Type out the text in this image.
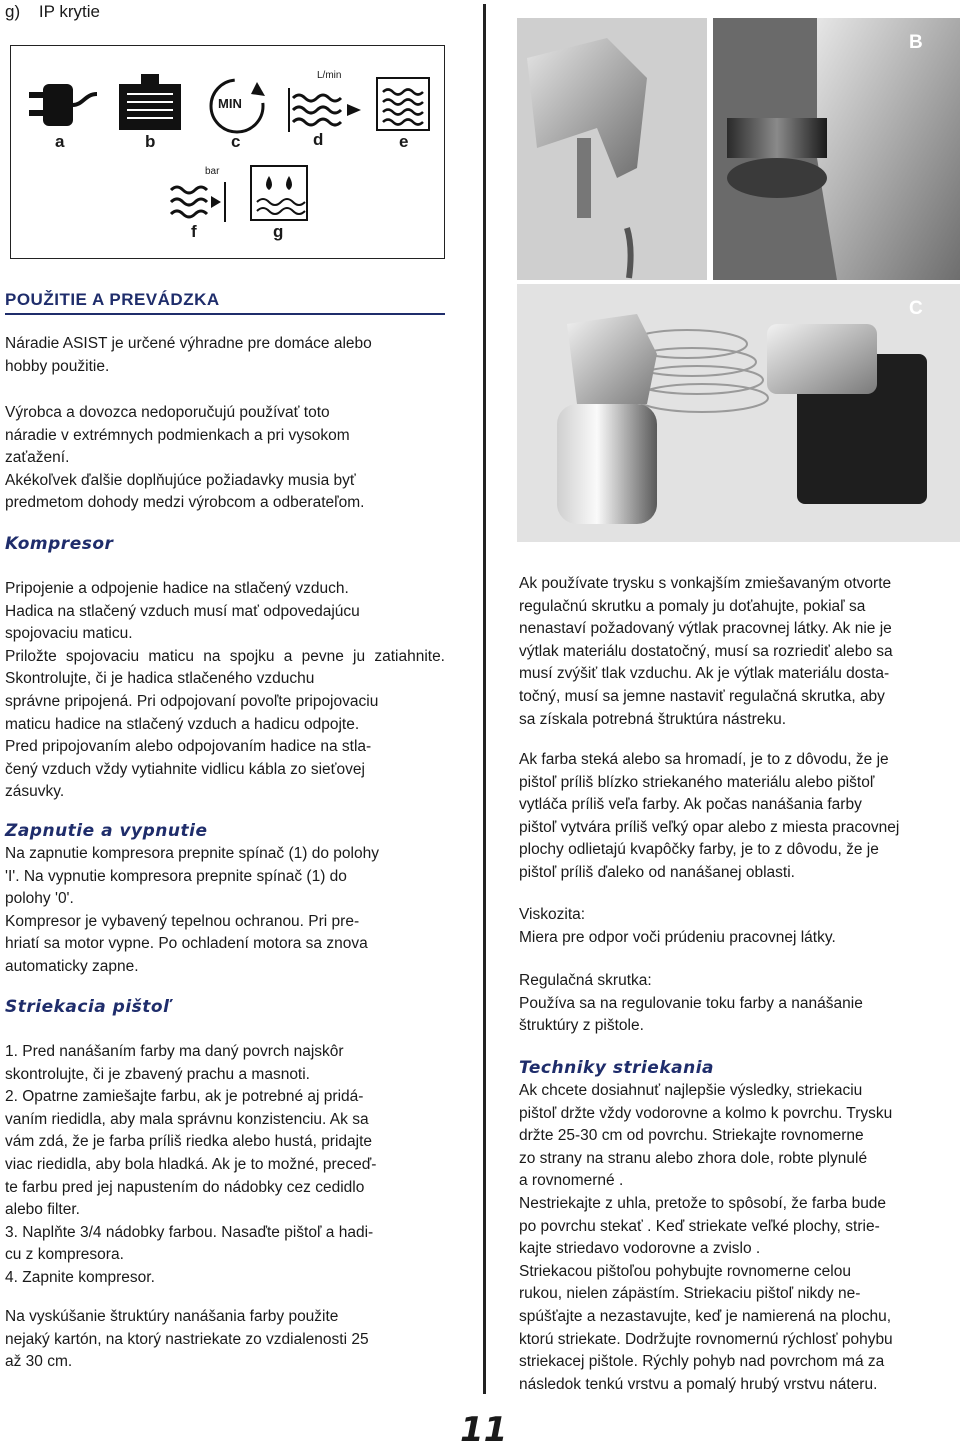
g) IP krytie
MIN
L/min
a	b	c	d	e
bar
f	g
POUŽITIE A PREVÁDZKA
Náradie ASIST je určené výhradne pre domáce alebo
hobby použitie.
Výrobca a dovozca nedoporučujú používať toto
náradie v extrémnych podmienkach a pri vysokom
zaťažení.
Akékoľvek ďalšie doplňujúce požiadavky musia byť
predmetom dohody medzi výrobcom a odberateľom.
Kompresor
Pripojenie a odpojenie hadice na stlačený vzduch.
Hadica na stlačený vzduch musí mať odpovedajúcu
spojovaciu maticu.
Priložte spojovaciu maticu na spojku a pevne ju zatiahnite. Skontrolujte, či je hadica stlačeného vzduchu
správne pripojená. Pri odpojovaní povoľte pripojovaciu
maticu hadice na stlačený vzduch a hadicu odpojte.
Pred pripojovaním alebo odpojovaním hadice na stla-
čený vzduch vždy vytiahnite vidlicu kábla zo sieťovej
zásuvky.
Zapnutie a vypnutie
Na zapnutie kompresora prepnite spínač (1) do polohy
'I'. Na vypnutie kompresora prepnite spínač (1) do
polohy '0'.
Kompresor je vybavený tepelnou ochranou. Pri pre-
hriatí sa motor vypne. Po ochladení motora sa znova
automaticky zapne.
Striekacia pištoľ
1. Pred nanášaním farby ma daný povrch najskôr
skontrolujte, či je zbavený prachu a masnoti.
2. Opatrne zamiešajte farbu, ak je potrebné aj pridá-
vaním riedidla, aby mala správnu konzistenciu. Ak sa
vám zdá, že je farba príliš riedka alebo hustá, pridajte
viac riedidla, aby bola hladká. Ak je to možné, preceď-
te farbu pred jej napustením do nádobky cez cedidlo
alebo filter.
3. Naplňte 3/4 nádobky farbou. Nasaďte pištoľ a hadi-
cu z kompresora.
4. Zapnite kompresor.
Na vyskúšanie štruktúry nanášania farby použite
nejaký kartón, na ktorý nastriekate zo vzdialenosti 25
až 30 cm.
B
C
Ak používate trysku s vonkajším zmiešavaným otvorte
regulačnú skrutku a pomaly ju doťahujte, pokiaľ sa
nenastaví požadovaný výtlak pracovnej látky. Ak nie je
výtlak materiálu dostatočný, musí sa rozriediť alebo sa
musí zvýšiť tlak vzduchu. Ak je výtlak materiálu dosta-
točný, musí sa jemne nastaviť regulačná skrutka, aby
sa získala potrebná štruktúra nástreku.
Ak farba steká alebo sa hromadí, je to z dôvodu, že je
pištoľ príliš blízko striekaného materiálu alebo pištoľ
vytláča príliš veľa farby. Ak počas nanášania farby
pištoľ vytvára príliš veľký opar alebo z miesta pracovnej
plochy odlietajú kvapôčky farby, je to z dôvodu, že je
pištoľ príliš ďaleko od nanášanej oblasti.
Viskozita:
Miera pre odpor voči prúdeniu pracovnej látky.
Regulačná skrutka:
Používa sa na regulovanie toku farby a nanášanie
štruktúry z pištole.
Techniky striekania
Ak chcete dosiahnuť najlepšie výsledky, striekaciu
pištoľ držte vždy vodorovne a kolmo k povrchu. Trysku
držte 25-30 cm od povrchu. Striekajte rovnomerne
zo strany na stranu alebo zhora dole, robte plynulé
a rovnomerné .
Nestriekajte z uhla, pretože to spôsobí, že farba bude
po povrchu stekať . Keď striekate veľké plochy, strie-
kajte striedavo vodorovne a zvislo .
Striekacou pištoľou pohybujte rovnomerne celou
rukou, nielen zápästím. Striekaciu pištoľ nikdy ne-
spúšťajte a nezastavujte, keď je namierená na plochu,
ktorú striekate. Dodržujte rovnomernú rýchlosť pohybu
striekacej pištole. Rýchly pohyb nad povrchom má za
následok tenkú vrstvu a pomalý hrubý vrstvu náteru.
11
